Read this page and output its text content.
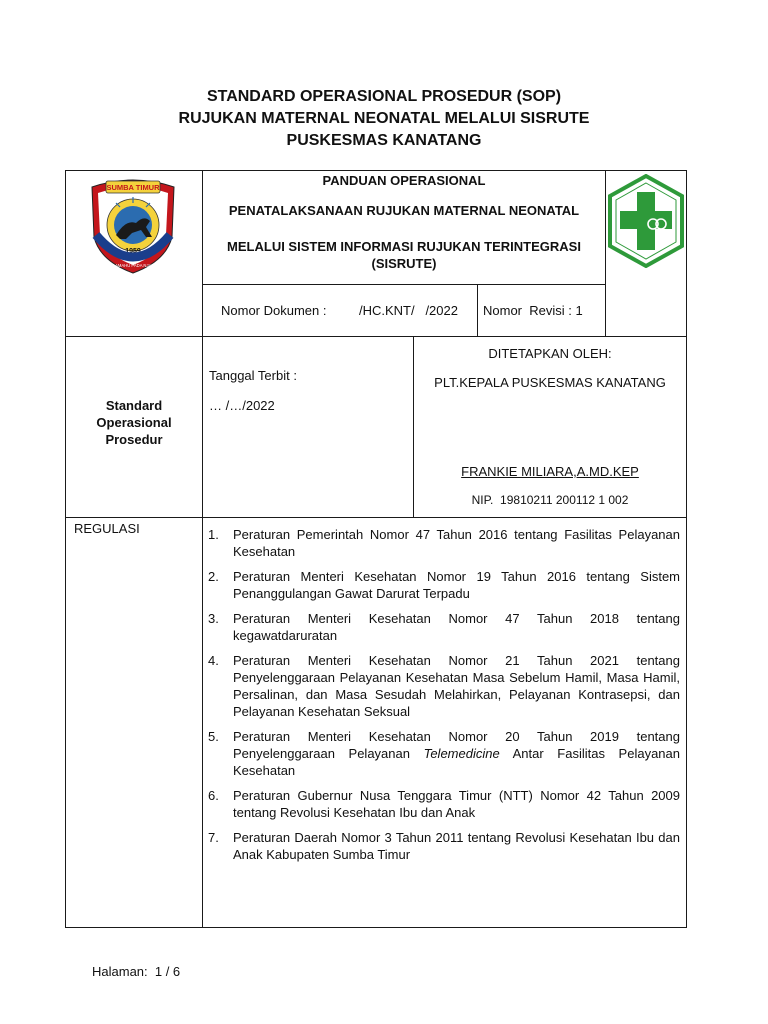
STANDARD OPERASIONAL PROSEDUR (SOP)
RUJUKAN MATERNAL NEONATAL MELALUI SISRUTE
PUSKESMAS KANATANG
SUMBA TIMUR
1959
MATAWAI AMAHU PADA NJARA HAMU
PANDUAN OPERASIONAL
PENATALAKSANAAN RUJUKAN MATERNAL NEONATAL
MELALUI SISTEM INFORMASI RUJUKAN TERINTEGRASI
(SISRUTE)
Nomor Dokumen :	/HC.KNT/   /2022 Nomor  Revisi : 1
Standard
Operasional
Prosedur
Tanggal Terbit :
… /…/2022
DITETAPKAN OLEH:
PLT.KEPALA PUSKESMAS KANATANG
FRANKIE MILIARA,A.MD.KEP
NIP.  19810211 200112 1 002
REGULASI	1. Peraturan Pemerintah Nomor 47 Tahun 2016 tentang Fasilitas Pelayanan Kesehatan
2. Peraturan Menteri Kesehatan Nomor 19 Tahun 2016 tentang Sistem Penanggulangan Gawat Darurat Terpadu
3. Peraturan Menteri Kesehatan Nomor 47 Tahun 2018 tentang kegawatdaruratan
4. Peraturan Menteri Kesehatan Nomor 21 Tahun 2021 tentang Penyelenggaraan Pelayanan Kesehatan Masa Sebelum Hamil, Masa Hamil, Persalinan, dan Masa Sesudah Melahirkan, Pelayanan Kontrasepsi, dan Pelayanan Kesehatan Seksual
5. Peraturan Menteri Kesehatan Nomor 20 Tahun 2019 tentang Penyelenggaraan Pelayanan Telemedicine Antar Fasilitas Pelayanan Kesehatan
6. Peraturan Gubernur Nusa Tenggara Timur (NTT) Nomor 42 Tahun 2009 tentang Revolusi Kesehatan Ibu dan Anak
7. Peraturan Daerah Nomor 3 Tahun 2011 tentang Revolusi Kesehatan Ibu dan Anak Kabupaten Sumba Timur
Halaman:  1 / 6
